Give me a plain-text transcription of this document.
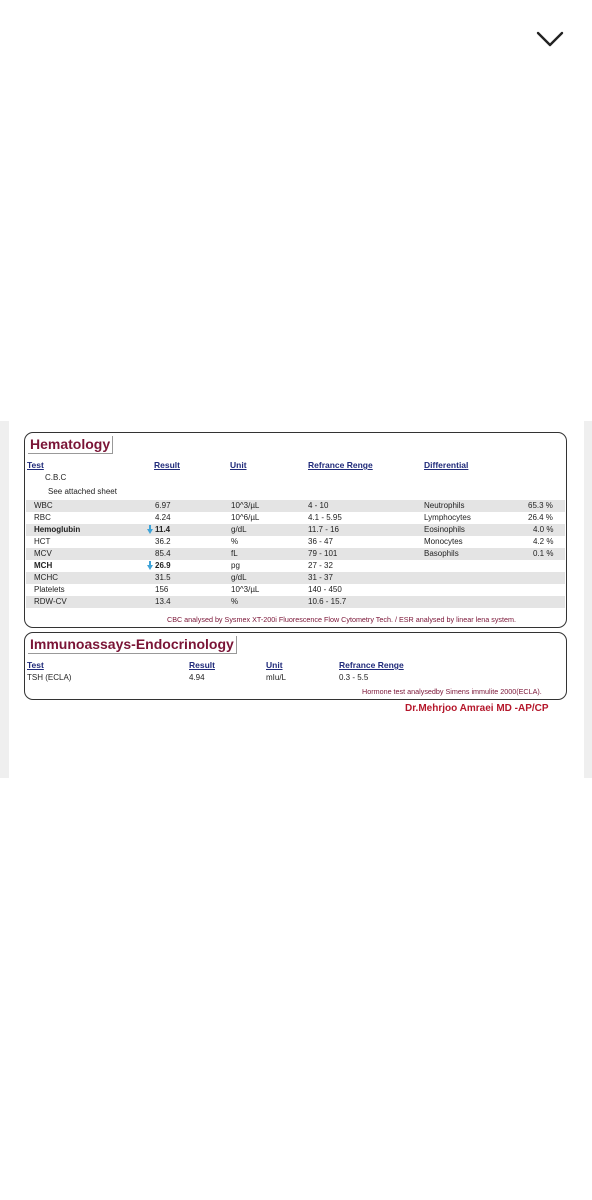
Hematology
Test	Result	Unit	Refrance Renge	Differential
C.B.C
See attached sheet
WBC	6.97	10^3/µL	4 - 10	Neutrophils	65.3 %
RBC	4.24	10^6/µL	4.1 - 5.95	Lymphocytes	26.4 %
Hemoglubin	11.4	g/dL	11.7 - 16	Eosinophils	4.0 %
HCT	36.2	%	36 - 47	Monocytes	4.2 %
MCV	85.4	fL	79 - 101	Basophils	0.1 %
MCH	26.9	pg	27 - 32
MCHC	31.5	g/dL	31 - 37
Platelets	156	10^3/µL	140 - 450
RDW-CV	13.4	%	10.6 - 15.7
CBC analysed by Sysmex XT-200i Fluorescence Flow Cytometry Tech. / ESR analysed by linear lena system.
Immunoassays-Endocrinology
Test	Result	Unit	Refrance Renge
TSH (ECLA)	4.94	mIu/L	0.3 - 5.5
Hormone test analysedby Simens immulite 2000(ECLA).
Dr.Mehrjoo Amraei MD -AP/CP
